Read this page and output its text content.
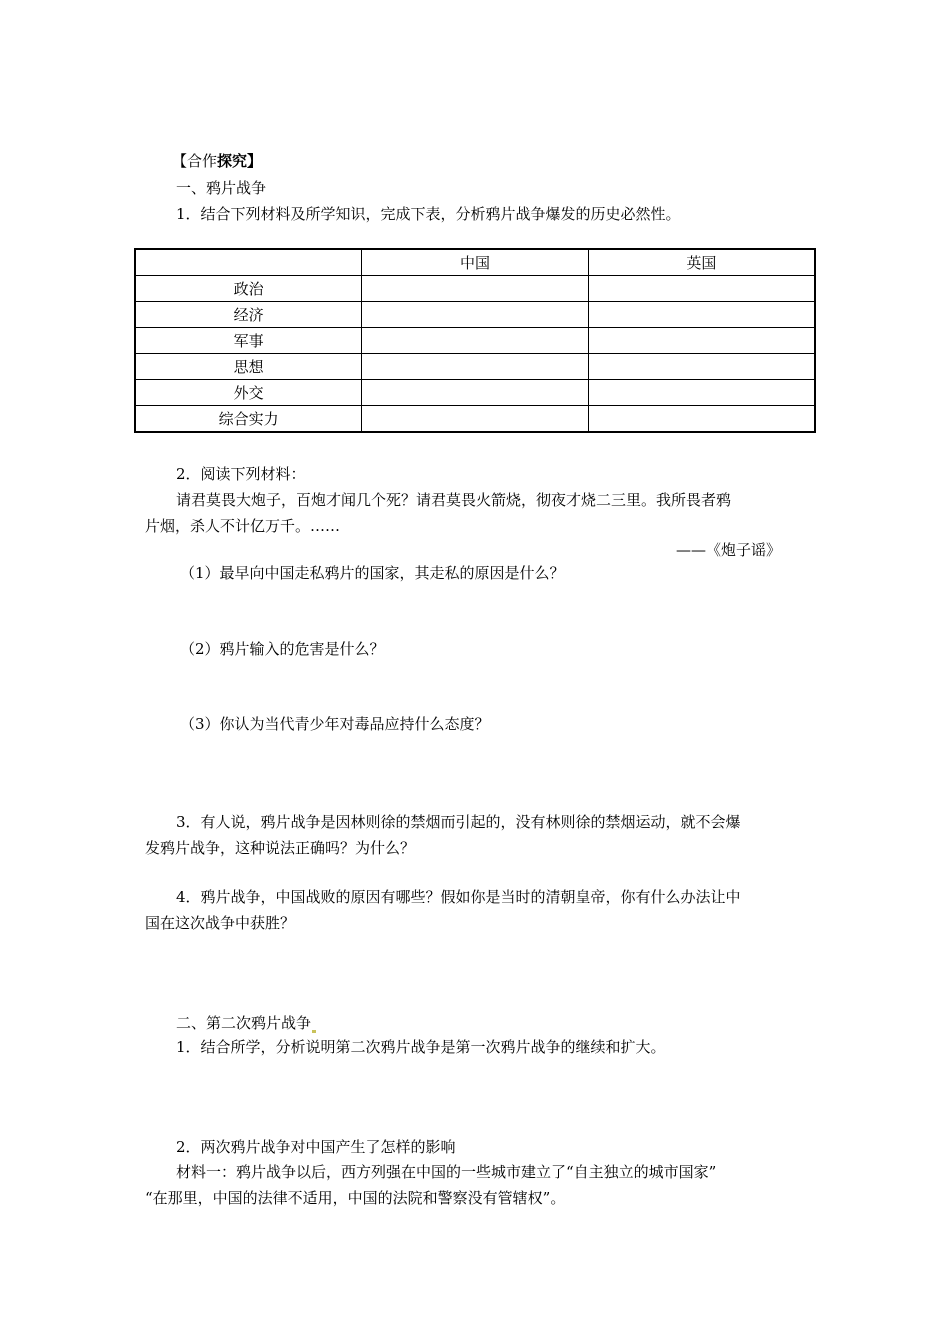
【合作探究】
一、鸦片战争
1．结合下列材料及所学知识，完成下表，分析鸦片战争爆发的历史必然性。
	中国	英国
政治		
经济		
军事		
思想		
外交		
综合实力		
2．阅读下列材料：
请君莫畏大炮子，百炮才闻几个死？请君莫畏火箭烧，彻夜才烧二三里。我所畏者鸦
片烟，杀人不计亿万千。……
——《炮子谣》
（1）最早向中国走私鸦片的国家，其走私的原因是什么？
（2）鸦片输入的危害是什么？
（3）你认为当代青少年对毒品应持什么态度？
3．有人说，鸦片战争是因林则徐的禁烟而引起的，没有林则徐的禁烟运动，就不会爆
发鸦片战争，这种说法正确吗？为什么？
4．鸦片战争，中国战败的原因有哪些？假如你是当时的清朝皇帝，你有什么办法让中
国在这次战争中获胜？
二、第二次鸦片战争
1．结合所学，分析说明第二次鸦片战争是第一次鸦片战争的继续和扩大。
2．两次鸦片战争对中国产生了怎样的影响
材料一：鸦片战争以后，西方列强在中国的一些城市建立了“自主独立的城市国家”
“在那里，中国的法律不适用，中国的法院和警察没有管辖权”。
